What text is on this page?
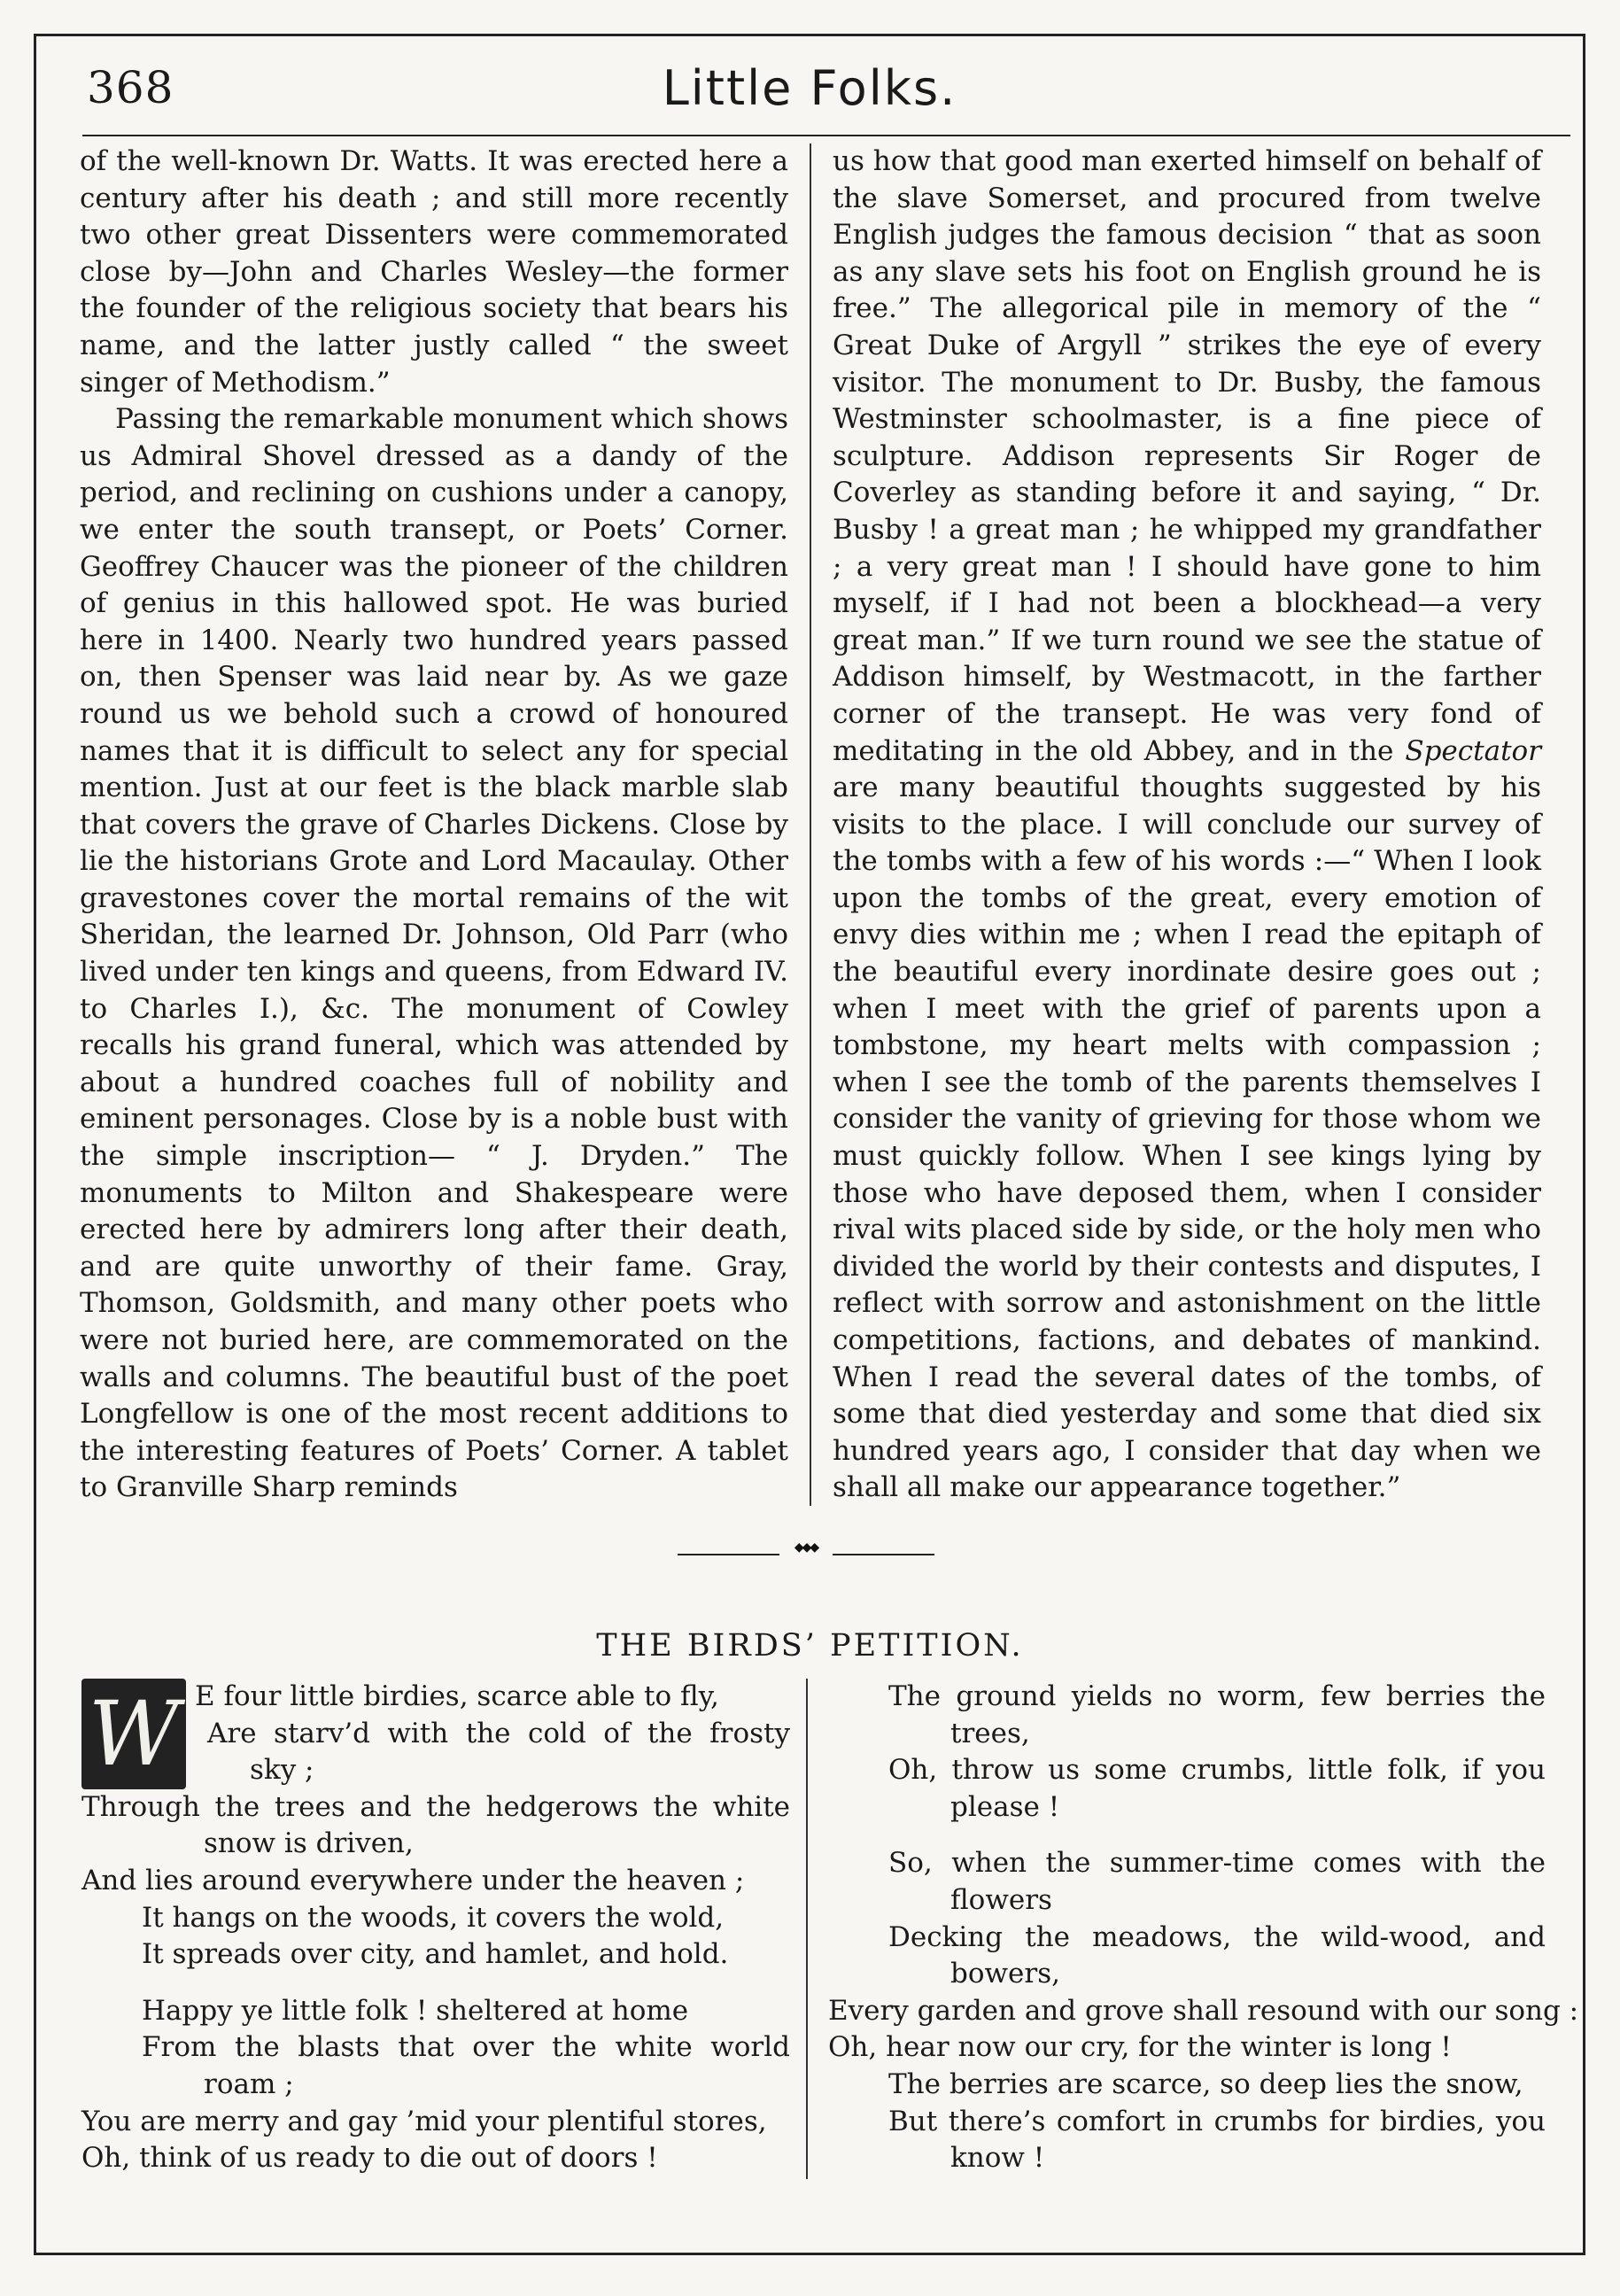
368	Little Folks.

of the well-known Dr. Watts. It was erected here a century after his death ; and still more recently two other great Dissenters were commemorated close by—John and Charles Wesley—the former the founder of the religious society that bears his name, and the latter justly called “ the sweet singer of Methodism.”

Passing the remarkable monument which shows us Admiral Shovel dressed as a dandy of the period, and reclining on cushions under a canopy, we enter the south transept, or Poets’ Corner. Geoffrey Chaucer was the pioneer of the children of genius in this hallowed spot. He was buried here in 1400. Nearly two hundred years passed on, then Spenser was laid near by. As we gaze round us we behold such a crowd of honoured names that it is difficult to select any for special mention. Just at our feet is the black marble slab that covers the grave of Charles Dickens. Close by lie the historians Grote and Lord Macaulay. Other gravestones cover the mortal remains of the wit Sheridan, the learned Dr. Johnson, Old Parr (who lived under ten kings and queens, from Edward IV. to Charles I.), &c. The monument of Cowley recalls his grand funeral, which was attended by about a hundred coaches full of nobility and eminent personages. Close by is a noble bust with the simple inscription— “ J. Dryden.” The monuments to Milton and Shakespeare were erected here by admirers long after their death, and are quite unworthy of their fame. Gray, Thomson, Goldsmith, and many other poets who were not buried here, are commemorated on the walls and columns. The beautiful bust of the poet Longfellow is one of the most recent additions to the interesting features of Poets’ Corner. A tablet to Granville Sharp reminds

us how that good man exerted himself on behalf of the slave Somerset, and procured from twelve English judges the famous decision “ that as soon as any slave sets his foot on English ground he is free.” The allegorical pile in memory of the “ Great Duke of Argyll ” strikes the eye of every visitor. The monument to Dr. Busby, the famous Westminster schoolmaster, is a fine piece of sculpture. Addison represents Sir Roger de Coverley as standing before it and saying, “ Dr. Busby ! a great man ; he whipped my grandfather ; a very great man ! I should have gone to him myself, if I had not been a blockhead—a very great man.” If we turn round we see the statue of Addison himself, by Westmacott, in the farther corner of the transept. He was very fond of meditating in the old Abbey, and in the Spectator are many beautiful thoughts suggested by his visits to the place. I will conclude our survey of the tombs with a few of his words :—“ When I look upon the tombs of the great, every emotion of envy dies within me ; when I read the epitaph of the beautiful every inordinate desire goes out ; when I meet with the grief of parents upon a tombstone, my heart melts with compassion ; when I see the tomb of the parents themselves I consider the vanity of grieving for those whom we must quickly follow. When I see kings lying by those who have deposed them, when I consider rival wits placed side by side, or the holy men who divided the world by their contests and disputes, I reflect with sorrow and astonishment on the little competitions, factions, and debates of mankind. When I read the several dates of the tombs, of some that died yesterday and some that died six hundred years ago, I consider that day when we shall all make our appearance together.”

◆◆◆
THE BIRDS’ PETITION.
W E four little birdies, scarce able to fly,
Are starv’d with the cold of the frosty
sky ;
Through the trees and the hedgerows the white
snow is driven,
And lies around everywhere under the heaven ;
It hangs on the woods, it covers the wold,
It spreads over city, and hamlet, and hold.
Happy ye little folk ! sheltered at home
From the blasts that over the white world
roam ;
You are merry and gay ’mid your plentiful stores,
Oh, think of us ready to die out of doors !
The ground yields no worm, few berries the
trees,
Oh, throw us some crumbs, little folk, if you
please !
So, when the summer-time comes with the
flowers
Decking the meadows, the wild-wood, and
bowers,
Every garden and grove shall resound with our song :
Oh, hear now our cry, for the winter is long !
The berries are scarce, so deep lies the snow,
But there’s comfort in crumbs for birdies, you
know !
